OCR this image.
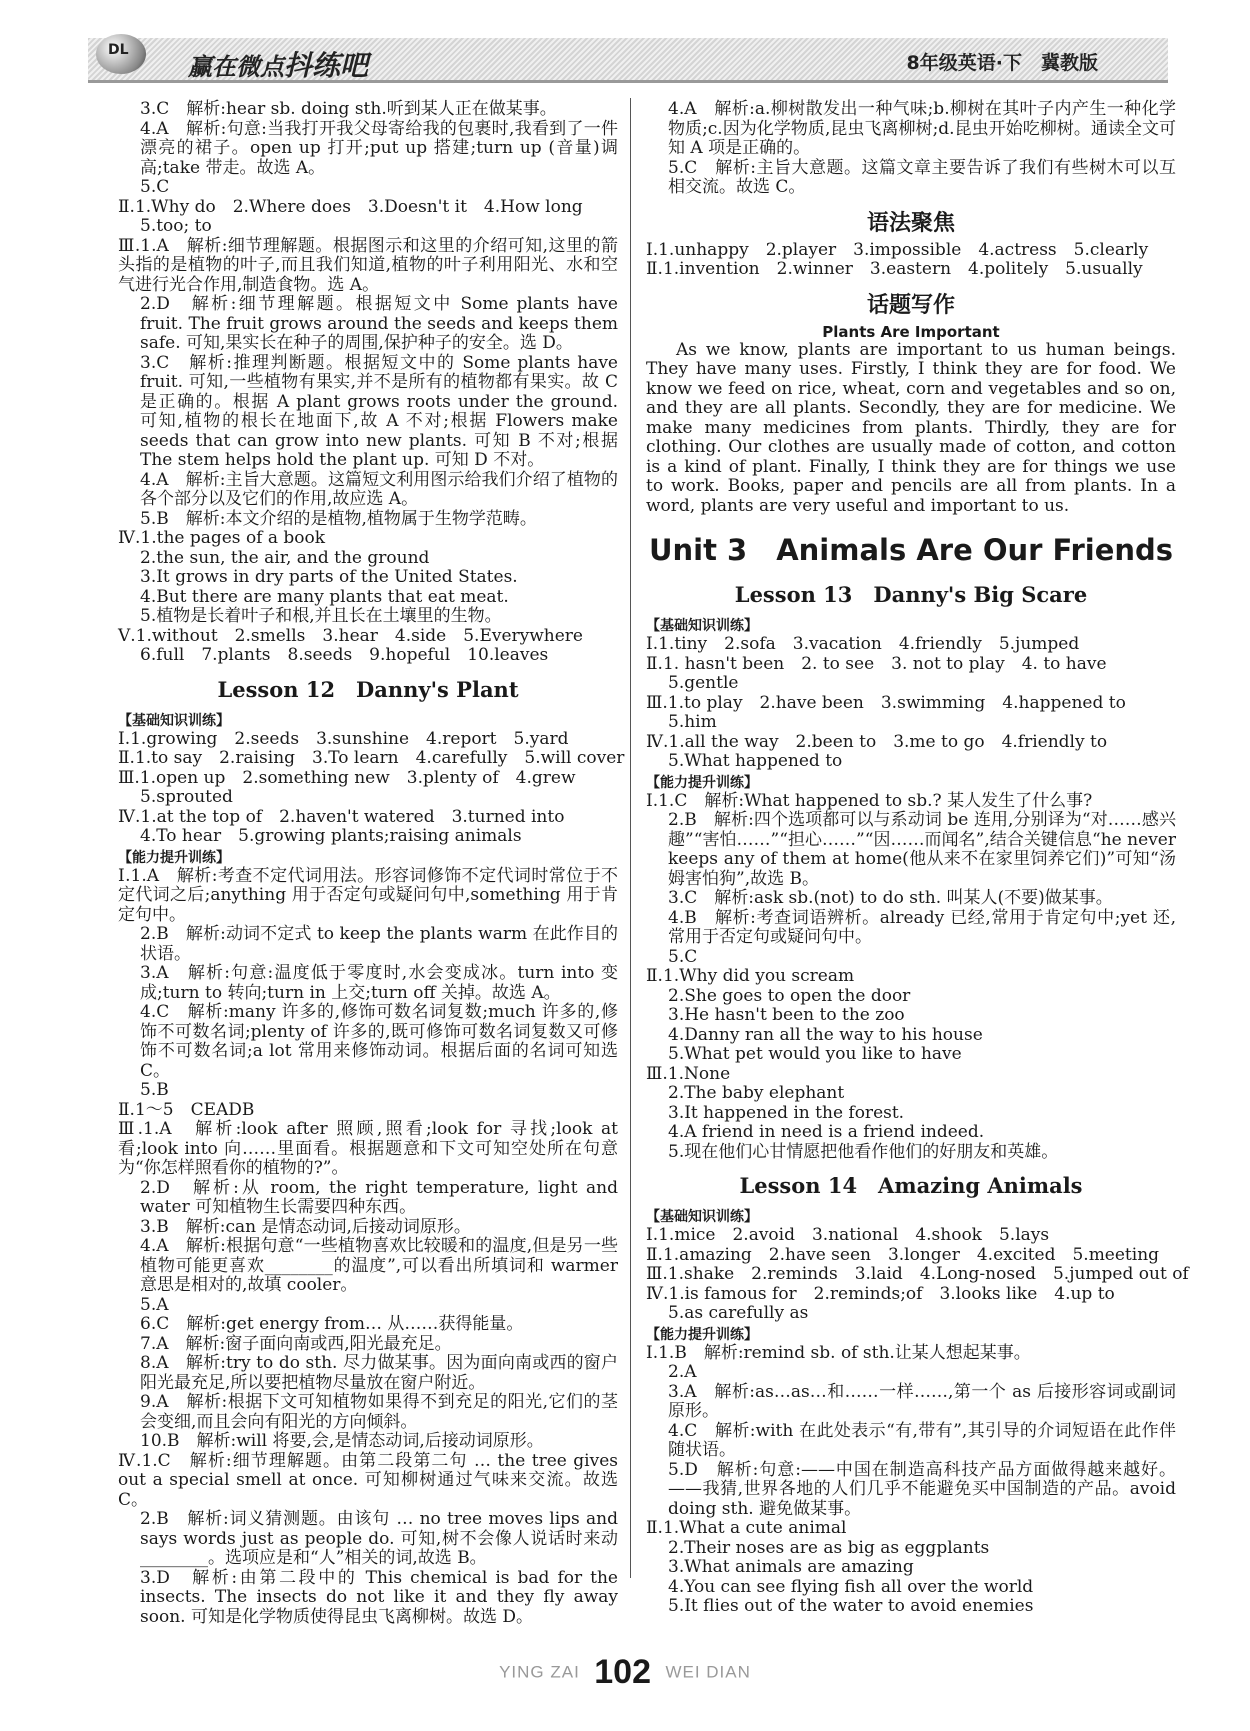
DL
赢在微点抖练吧	8年级英语·下　冀教版
3.C　解析:hear sb. doing sth.听到某人正在做某事。
4.A　解析:句意:当我打开我父母寄给我的包裹时,我看到了一件漂亮的裙子。open up 打开;put up 搭建;turn up (音量)调高;take 带走。故选 A。
5.C
Ⅱ.1.Why do　2.Where does　3.Doesn't it　4.How long
5.too; to
Ⅲ.1.A　解析:细节理解题。根据图示和这里的介绍可知,这里的箭头指的是植物的叶子,而且我们知道,植物的叶子利用阳光、水和空气进行光合作用,制造食物。选 A。
2.D　解析:细节理解题。根据短文中 Some plants have fruit. The fruit grows around the seeds and keeps them safe. 可知,果实长在种子的周围,保护种子的安全。选 D。
3.C　解析:推理判断题。根据短文中的 Some plants have fruit. 可知,一些植物有果实,并不是所有的植物都有果实。故 C 是正确的。根据 A plant grows roots under the ground. 可知,植物的根长在地面下,故 A 不对;根据 Flowers make seeds that can grow into new plants. 可知 B 不对;根据 The stem helps hold the plant up. 可知 D 不对。
4.A　解析:主旨大意题。这篇短文利用图示给我们介绍了植物的各个部分以及它们的作用,故应选 A。
5.B　解析:本文介绍的是植物,植物属于生物学范畴。
Ⅳ.1.the pages of a book
2.the sun, the air, and the ground
3.It grows in dry parts of the United States.
4.But there are many plants that eat meat.
5.植物是长着叶子和根,并且长在土壤里的生物。
Ⅴ.1.without　2.smells　3.hear　4.side　5.Everywhere
6.full　7.plants　8.seeds　9.hopeful　10.leaves
Lesson 12　Danny's Plant
【基础知识训练】
Ⅰ.1.growing　2.seeds　3.sunshine　4.report　5.yard
Ⅱ.1.to say　2.raising　3.To learn　4.carefully　5.will cover
Ⅲ.1.open up　2.something new　3.plenty of　4.grew
5.sprouted
Ⅳ.1.at the top of　2.haven't watered　3.turned into
4.To hear　5.growing plants;raising animals
【能力提升训练】
Ⅰ.1.A　解析:考查不定代词用法。形容词修饰不定代词时常位于不定代词之后;anything 用于否定句或疑问句中,something 用于肯定句中。
2.B　解析:动词不定式 to keep the plants warm 在此作目的状语。
3.A　解析:句意:温度低于零度时,水会变成冰。turn into 变成;turn to 转向;turn in 上交;turn off 关掉。故选 A。
4.C　解析:many 许多的,修饰可数名词复数;much 许多的,修饰不可数名词;plenty of 许多的,既可修饰可数名词复数又可修饰不可数名词;a lot 常用来修饰动词。根据后面的名词可知选 C。
5.B
Ⅱ.1～5　CEADB
Ⅲ.1.A　解析:look after 照顾,照看;look for 寻找;look at 看;look into 向……里面看。根据题意和下文可知空处所在句意为“你怎样照看你的植物的?”。
2.D　解析:从 room, the right temperature, light and water 可知植物生长需要四种东西。
3.B　解析:can 是情态动词,后接动词原形。
4.A　解析:根据句意“一些植物喜欢比较暖和的温度,但是另一些植物可能更喜欢________的温度”,可以看出所填词和 warmer 意思是相对的,故填 cooler。
5.A
6.C　解析:get energy from… 从……获得能量。
7.A　解析:窗子面向南或西,阳光最充足。
8.A　解析:try to do sth. 尽力做某事。因为面向南或西的窗户阳光最充足,所以要把植物尽量放在窗户附近。
9.A　解析:根据下文可知植物如果得不到充足的阳光,它们的茎会变细,而且会向有阳光的方向倾斜。
10.B　解析:will 将要,会,是情态动词,后接动词原形。
Ⅳ.1.C　解析:细节理解题。由第二段第二句 … the tree gives out a special smell at once. 可知柳树通过气味来交流。故选 C。
2.B　解析:词义猜测题。由该句 … no tree moves lips and says words just as people do. 可知,树不会像人说话时来动________。选项应是和“人”相关的词,故选 B。
3.D　解析:由第二段中的 This chemical is bad for the insects. The insects do not like it and they fly away soon. 可知是化学物质使得昆虫飞离柳树。故选 D。
4.A　解析:a.柳树散发出一种气味;b.柳树在其叶子内产生一种化学物质;c.因为化学物质,昆虫飞离柳树;d.昆虫开始吃柳树。通读全文可知 A 项是正确的。
5.C　解析:主旨大意题。这篇文章主要告诉了我们有些树木可以互相交流。故选 C。
语法聚焦
Ⅰ.1.unhappy　2.player　3.impossible　4.actress　5.clearly
Ⅱ.1.invention　2.winner　3.eastern　4.politely　5.usually
话题写作
Plants Are Important
As we know, plants are important to us human beings. They have many uses. Firstly, I think they are for food. We know we feed on rice, wheat, corn and vegetables and so on, and they are all plants. Secondly, they are for medicine. We make many medicines from plants. Thirdly, they are for clothing. Our clothes are usually made of cotton, and cotton is a kind of plant. Finally, I think they are for things we use to work. Books, paper and pencils are all from plants. In a word, plants are very useful and important to us.
Unit 3　Animals Are Our Friends
Lesson 13　Danny's Big Scare
【基础知识训练】
Ⅰ.1.tiny　2.sofa　3.vacation　4.friendly　5.jumped
Ⅱ.1. hasn't been　2. to see　3. not to play　4. to have
5.gentle
Ⅲ.1.to play　2.have been　3.swimming　4.happened to
5.him
Ⅳ.1.all the way　2.been to　3.me to go　4.friendly to
5.What happened to
【能力提升训练】
Ⅰ.1.C　解析:What happened to sb.? 某人发生了什么事?
2.B　解析:四个选项都可以与系动词 be 连用,分别译为“对……感兴趣”“害怕……”“担心……”“因……而闻名”,结合关键信息“he never keeps any of them at home(他从来不在家里饲养它们)”可知“汤姆害怕狗”,故选 B。
3.C　解析:ask sb.(not) to do sth. 叫某人(不要)做某事。
4.B　解析:考查词语辨析。already 已经,常用于肯定句中;yet 还,常用于否定句或疑问句中。
5.C
Ⅱ.1.Why did you scream
2.She goes to open the door
3.He hasn't been to the zoo
4.Danny ran all the way to his house
5.What pet would you like to have
Ⅲ.1.None
2.The baby elephant
3.It happened in the forest.
4.A friend in need is a friend indeed.
5.现在他们心甘情愿把他看作他们的好朋友和英雄。
Lesson 14　Amazing Animals
【基础知识训练】
Ⅰ.1.mice　2.avoid　3.national　4.shook　5.lays
Ⅱ.1.amazing　2.have seen　3.longer　4.excited　5.meeting
Ⅲ.1.shake　2.reminds　3.laid　4.Long-nosed　5.jumped out of
Ⅳ.1.is famous for　2.reminds;of　3.looks like　4.up to
5.as carefully as
【能力提升训练】
Ⅰ.1.B　解析:remind sb. of sth.让某人想起某事。
2.A
3.A　解析:as…as…和……一样……,第一个 as 后接形容词或副词原形。
4.C　解析:with 在此处表示“有,带有”,其引导的介词短语在此作伴随状语。
5.D　解析:句意:——中国在制造高科技产品方面做得越来越好。——我猜,世界各地的人们几乎不能避免买中国制造的产品。avoid doing sth. 避免做某事。
Ⅱ.1.What a cute animal
2.Their noses are as big as eggplants
3.What animals are amazing
4.You can see flying fish all over the world
5.It flies out of the water to avoid enemies
YING ZAI 102 WEI DIAN
